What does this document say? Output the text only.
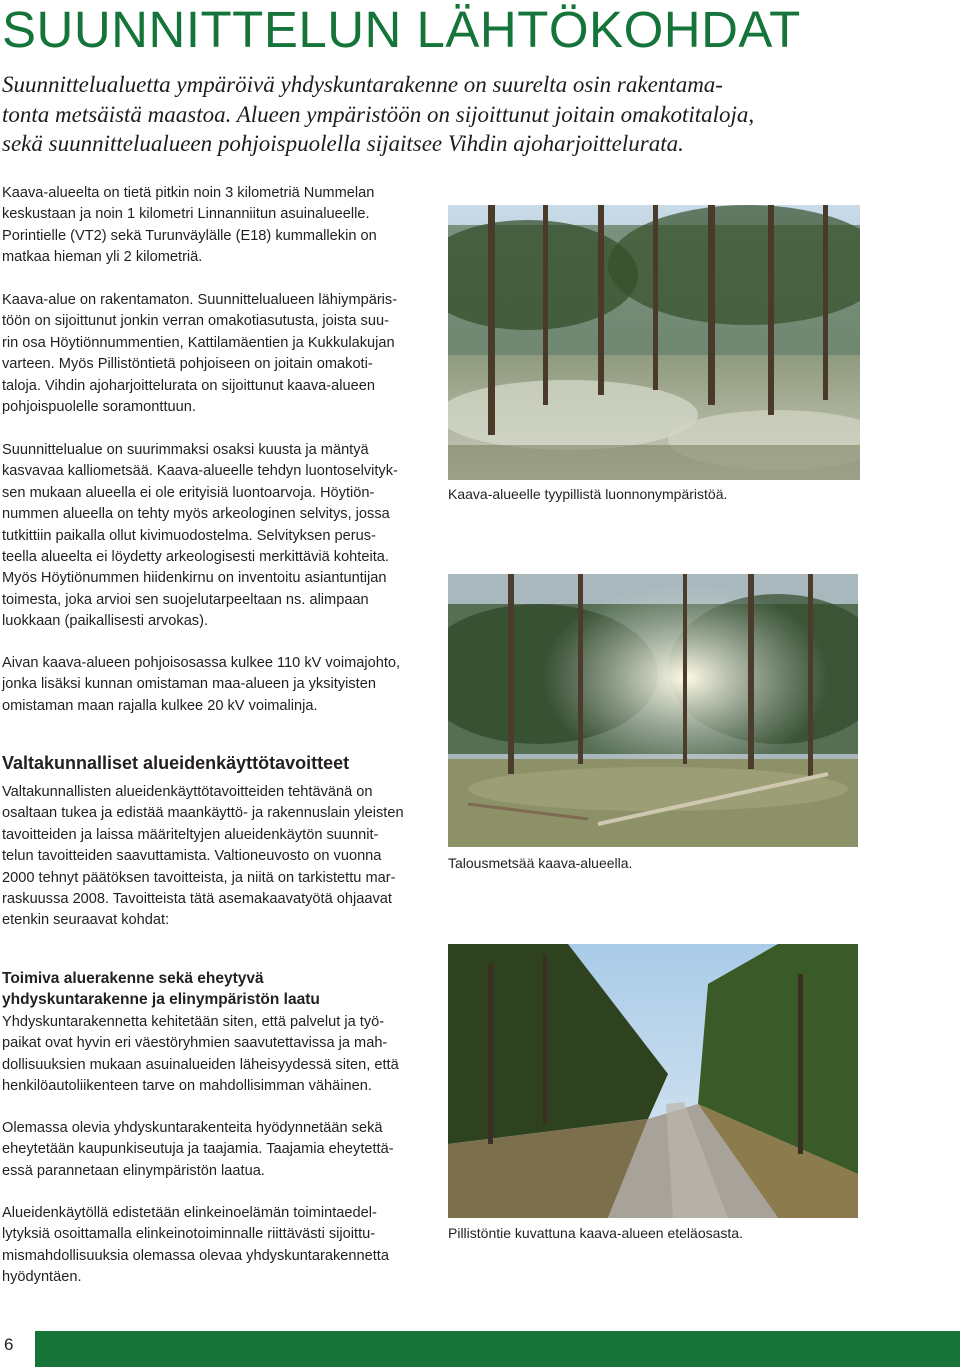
SUUNNITTELUN LÄHTÖKOHDAT
Suunnittelualuetta ympäröivä yhdyskuntarakenne on suurelta osin rakentama-
tonta metsäistä maastoa. Alueen ympäristöön on sijoittunut joitain omakotitaloja,
sekä suunnittelualueen pohjoispuolella sijaitsee Vihdin ajoharjoittelurata.
Kaava-alueelta on tietä pitkin noin 3 kilometriä Nummelan
keskustaan ja noin 1 kilometri Linnanniitun asuinalueelle.
Porintielle (VT2) sekä Turunväylälle (E18) kummallekin on
matkaa hieman yli 2 kilometriä.
Kaava-alue on rakentamaton. Suunnittelualueen lähiympäris-
töön on sijoittunut jonkin verran omakotiasutusta, joista suu-
rin osa Höytiönnummentien, Kattilamäentien ja Kukkulakujan
varteen. Myös Pillistöntietä pohjoiseen on joitain omakoti-
taloja. Vihdin ajoharjoittelurata on sijoittunut kaava-alueen
pohjoispuolelle soramonttuun.
Suunnittelualue on suurimmaksi osaksi kuusta ja mäntyä
kasvavaa kalliometsää. Kaava-alueelle tehdyn luontoselvityk-
sen mukaan alueella ei ole erityisiä luontoarvoja. Höytiön-
nummen alueella on tehty myös arkeologinen selvitys, jossa
tutkittiin paikalla ollut kivimuodostelma. Selvityksen perus-
teella alueelta ei löydetty arkeologisesti merkittäviä kohteita.
Myös Höytiönummen hiidenkirnu on inventoitu asiantuntijan
toimesta, joka arvioi sen suojelutarpeeltaan ns. alimpaan
luokkaan (paikallisesti arvokas).
Aivan kaava-alueen pohjoisosassa kulkee 110 kV voimajohto,
jonka lisäksi kunnan omistaman maa-alueen ja yksityisten
omistaman maan rajalla kulkee 20 kV voimalinja.
Valtakunnalliset alueidenkäyttötavoitteet
Valtakunnallisten alueidenkäyttötavoitteiden tehtävänä on
osaltaan tukea ja edistää maankäyttö- ja rakennuslain yleisten
tavoitteiden ja laissa määriteltyjen alueidenkäytön suunnit-
telun tavoitteiden saavuttamista. Valtioneuvosto on vuonna
2000 tehnyt päätöksen tavoitteista, ja niitä on tarkistettu mar-
raskuussa 2008. Tavoitteista tätä asemakaavatyötä ohjaavat
etenkin seuraavat kohdat:
Toimiva aluerakenne sekä eheytyvä
yhdyskuntarakenne ja elinympäristön laatu
Yhdyskuntarakennetta kehitetään siten, että palvelut ja työ-
paikat ovat hyvin eri väestöryhmien saavutettavissa ja mah-
dollisuuksien mukaan asuinalueiden läheisyydessä siten, että
henkilöautoliikenteen tarve on mahdollisimman vähäinen.
Olemassa olevia yhdyskuntarakenteita hyödynnetään sekä
eheytetään kaupunkiseutuja ja taajamia. Taajamia eheytettä-
essä parannetaan elinympäristön laatua.
Alueidenkäytöllä edistetään elinkeinoelämän toimintaedel-
lytyksiä osoittamalla elinkeinotoiminnalle riittävästi sijoittu-
mismahdollisuuksia olemassa olevaa yhdyskuntarakennetta
hyödyntäen.
Kaava-alueelle tyypillistä luonnonympäristöä.
Talousmetsää kaava-alueella.
Pillistöntie kuvattuna kaava-alueen eteläosasta.
6
